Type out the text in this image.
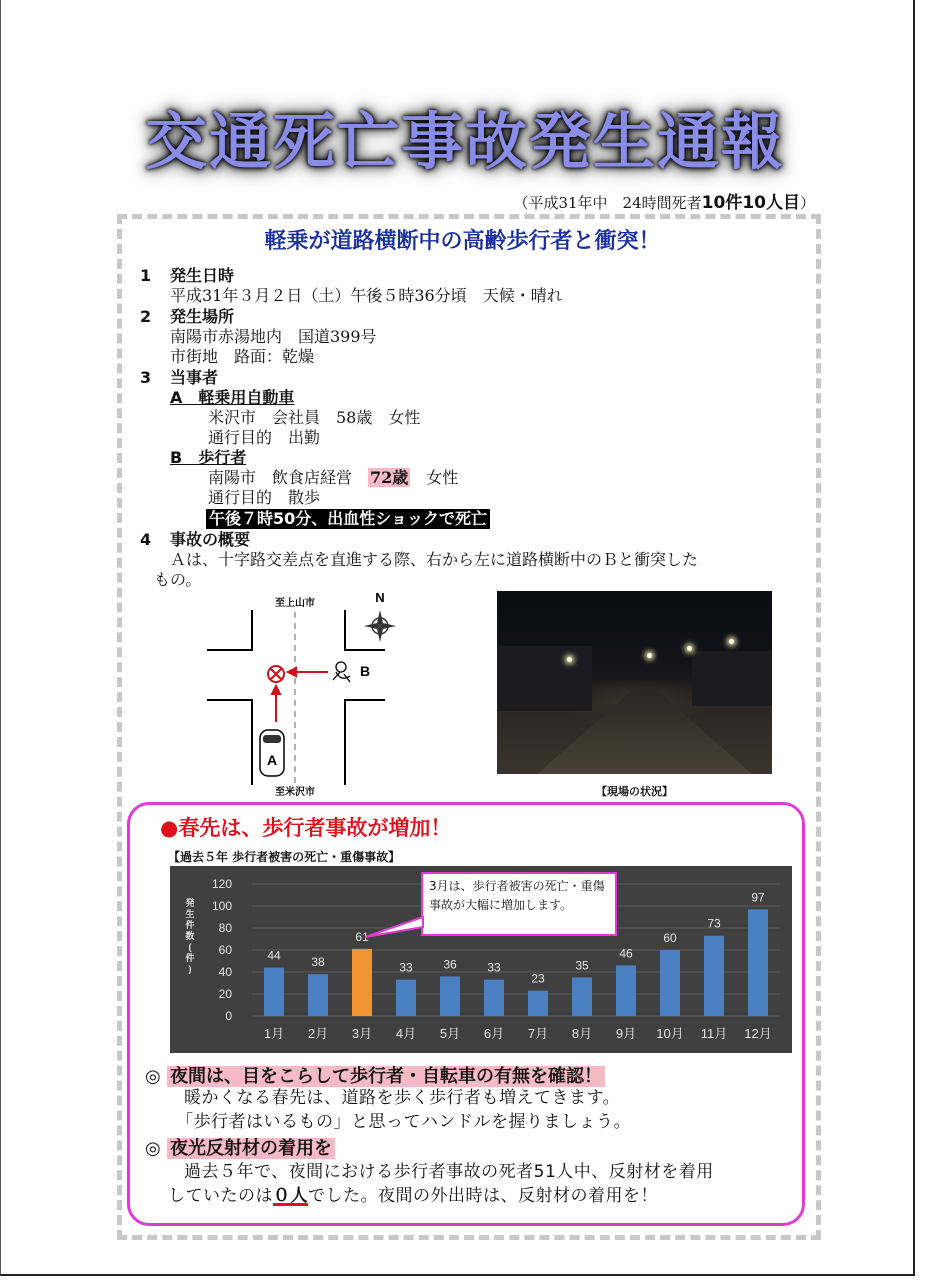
交通死亡事故発生通報
（平成31年中　24時間死者10件10人目）
軽乗が道路横断中の高齢歩行者と衝突！
1 発生日時
平成31年３月２日（土）午後５時36分頃　天候・晴れ
2 発生場所
南陽市赤湯地内　国道399号
市街地　路面：乾燥
3 当事者
A　軽乗用自動車
米沢市　会社員　58歳　女性
通行目的　出勤
B　歩行者
南陽市　飲食店経営　72歳　女性
通行目的　散歩
午後７時50分、出血性ショックで死亡
4 事故の概要
Ａは、十字路交差点を直進する際、右から左に道路横断中のＢと衝突した
もの。
至上山市
至米沢市
N
B
A
【現場の状況】
●春先は、歩行者事故が増加！
【過去５年 歩行者被害の死亡・重傷事故】
発
生
件
数
(
件
)
0
20
40
60
80
100
120
44
1月
38
2月
61
3月
33
4月
36
5月
33
6月
23
7月
35
8月
46
9月
60
10月
73
11月
97
12月
3月は、歩行者被害の死亡・重傷事故が大幅に増加します。
◎ 夜間は、目をこらして歩行者・自転車の有無を確認！
暖かくなる春先は、道路を歩く歩行者も増えてきます。
「歩行者はいるもの」と思ってハンドルを握りましょう。
◎ 夜光反射材の着用を
過去５年で、夜間における歩行者事故の死者51人中、反射材を着用
していたのは０人でした。夜間の外出時は、反射材の着用を！
